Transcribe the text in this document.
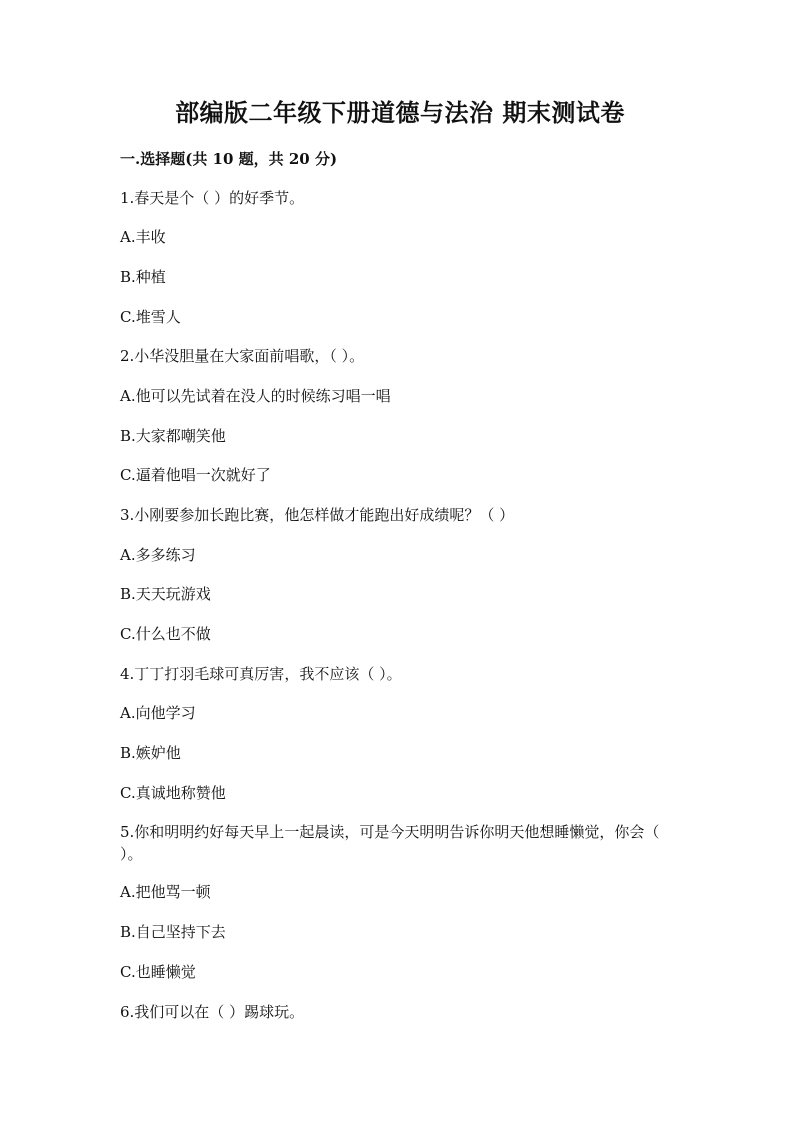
部编版二年级下册道德与法治 期末测试卷
一.选择题(共 10 题，共 20 分)
1.春天是个（ ）的好季节。
A.丰收
B.种植
C.堆雪人
2.小华没胆量在大家面前唱歌，（ ）。
A.他可以先试着在没人的时候练习唱一唱
B.大家都嘲笑他
C.逼着他唱一次就好了
3.小刚要参加长跑比赛，他怎样做才能跑出好成绩呢？（ ）
A.多多练习
B.天天玩游戏
C.什么也不做
4.丁丁打羽毛球可真厉害，我不应该（ ）。
A.向他学习
B.嫉妒他
C.真诚地称赞他
5.你和明明约好每天早上一起晨读，可是今天明明告诉你明天他想睡懒觉，你会（ ）。
A.把他骂一顿
B.自己坚持下去
C.也睡懒觉
6.我们可以在（ ）踢球玩。
